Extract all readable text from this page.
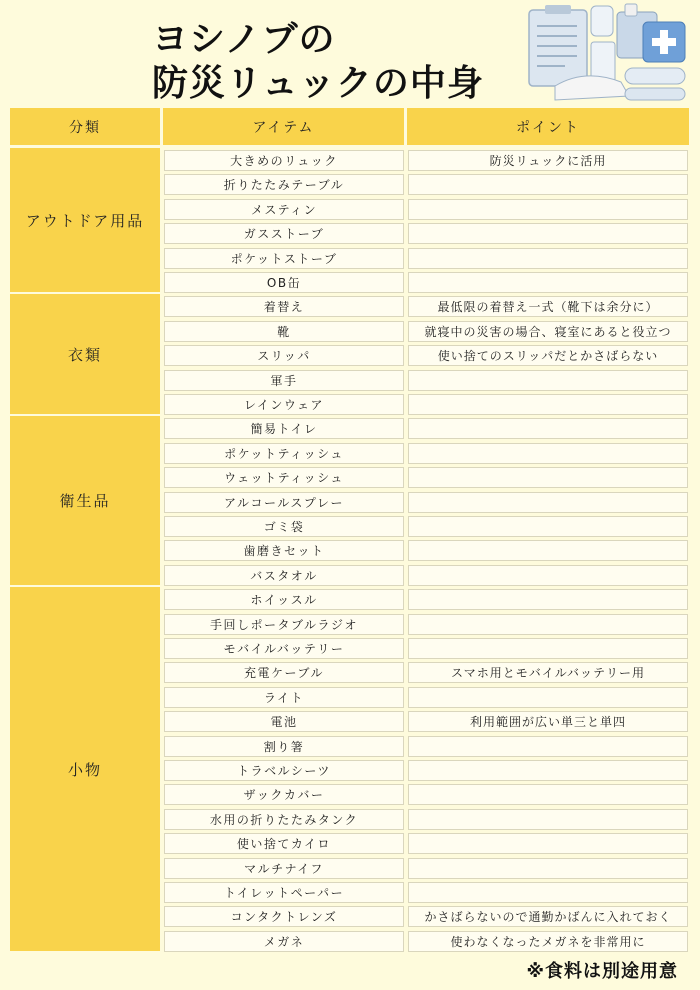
ヨシノブの
防災リュックの中身
分類	アイテム	ポイント
アウトドア用品
大きめのリュック	防災リュックに活用
折りたたみテーブル
メスティン
ガスストーブ
ポケットストーブ
OB缶
衣類
着替え	最低限の着替え一式（靴下は余分に）
靴	就寝中の災害の場合、寝室にあると役立つ
スリッパ	使い捨てのスリッパだとかさばらない
軍手
レインウェア
衛生品
簡易トイレ
ポケットティッシュ
ウェットティッシュ
アルコールスプレー
ゴミ袋
歯磨きセット
バスタオル
小物
ホイッスル
手回しポータブルラジオ
モバイルバッテリー
充電ケーブル	スマホ用とモバイルバッテリー用
ライト
電池	利用範囲が広い単三と単四
割り箸
トラベルシーツ
ザックカバー
水用の折りたたみタンク
使い捨てカイロ
マルチナイフ
トイレットペーパー
コンタクトレンズ	かさばらないので通勤かばんに入れておく
メガネ	使わなくなったメガネを非常用に
※食料は別途用意
